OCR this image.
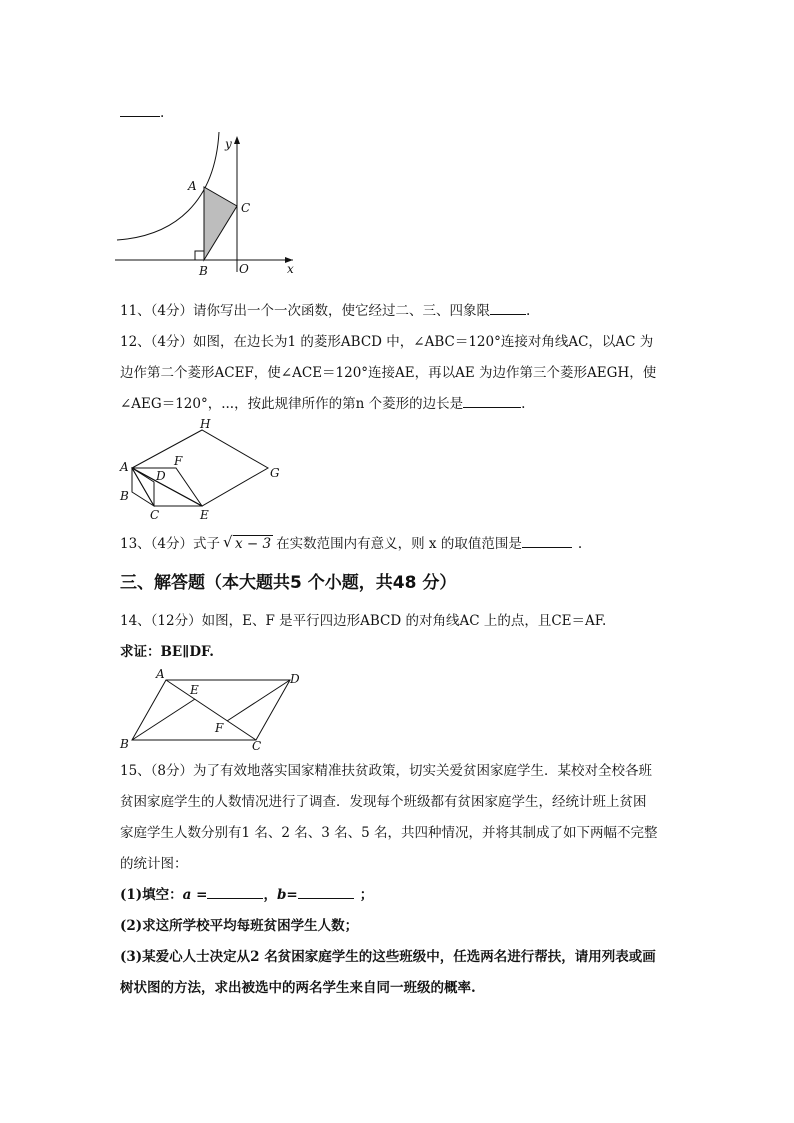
.
y
A
C
B	O	x
11、（4分）请你写出一个一次函数，使它经过二、三、四象限	.
12、（4分）如图，在边长为1 的菱形ABCD 中，∠ABC＝120°连接对角线AC，以AC 为
边作第二个菱形ACEF，使∠ACE＝120°连接AE，再以AE 为边作第三个菱形AEGH，使
∠AEG＝120°，...，按此规律所作的第n 个菱形的边长是	.
H
A	F
D	G
B
C	E
13、（4分）式子 √ x − 3 在实数范围内有意义，则 x 的取值范围是	.
三、解答题（本大题共5 个小题，共48 分）
14、（12分）如图，E、F 是平行四边形ABCD 的对角线AC 上的点，且CE＝AF.
求证：BE∥DF.
A
E
D
F
B	C
15、（8分）为了有效地落实国家精准扶贫政策，切实关爱贫困家庭学生．某校对全校各班
贫困家庭学生的人数情况进行了调查．发现每个班级都有贫困家庭学生，经统计班上贫困
家庭学生人数分别有1 名、2 名、3 名、5 名，共四种情况，并将其制成了如下两幅不完整
的统计图：
(1)填空：a =	，b=	；
(2)求这所学校平均每班贫困学生人数；
(3)某爱心人士决定从2 名贫困家庭学生的这些班级中，任选两名进行帮扶，请用列表或画
树状图的方法，求出被选中的两名学生来自同一班级的概率.
